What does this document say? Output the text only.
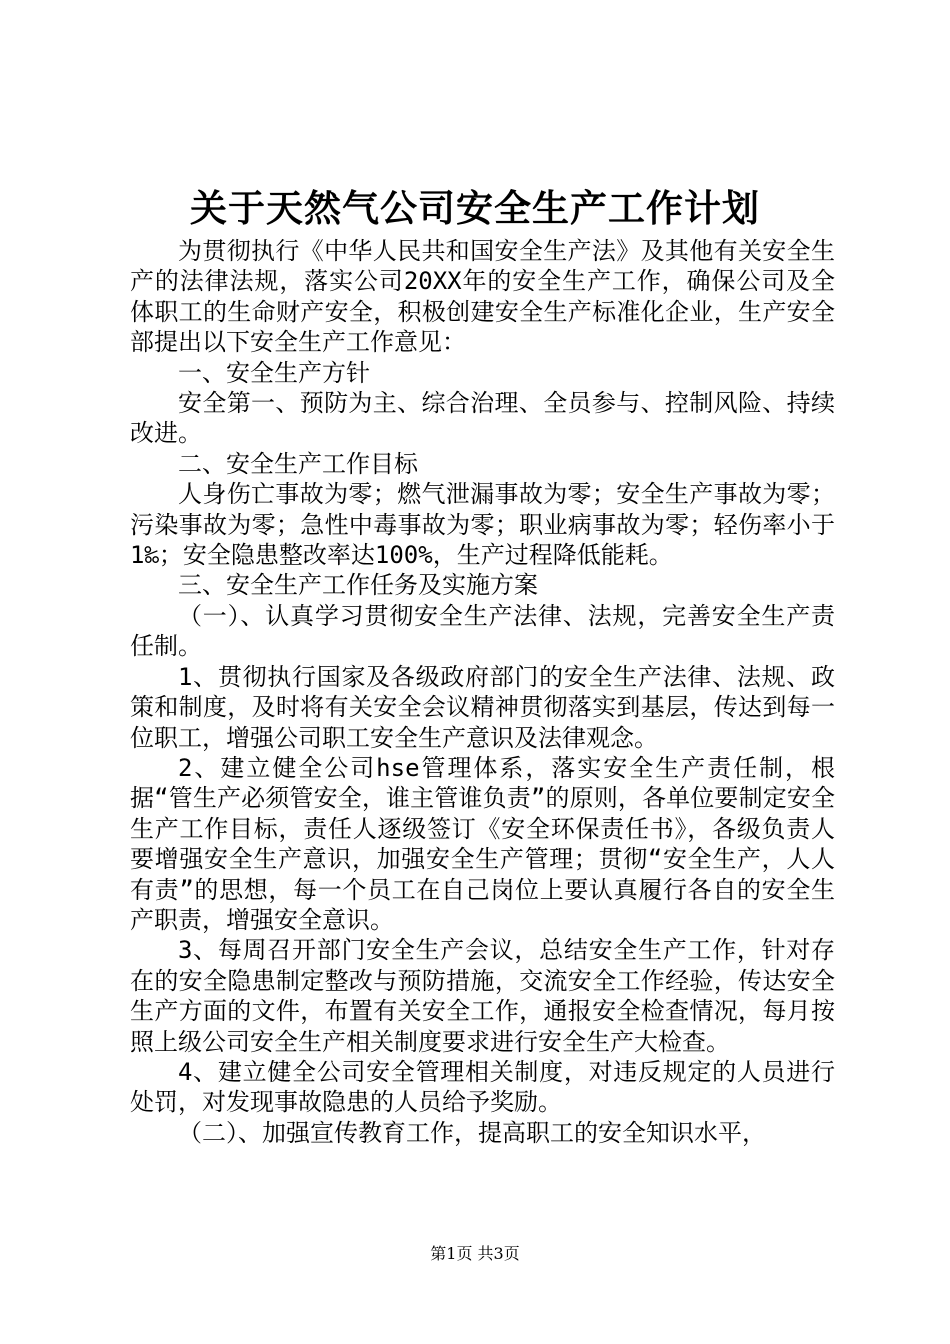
关于天然气公司安全生产工作计划

为贯彻执行《中华人民共和国安全生产法》及其他有关安全生产的法律法规，落实公司20XX年的安全生产工作，确保公司及全体职工的生命财产安全，积极创建安全生产标准化企业，生产安全部提出以下安全生产工作意见：

一、安全生产方针

安全第一、预防为主、综合治理、全员参与、控制风险、持续改进。

二、安全生产工作目标

人身伤亡事故为零；燃气泄漏事故为零；安全生产事故为零；污染事故为零；急性中毒事故为零；职业病事故为零；轻伤率小于1‰；安全隐患整改率达100%，生产过程降低能耗。

三、安全生产工作任务及实施方案

（一）、认真学习贯彻安全生产法律、法规，完善安全生产责任制。

1、贯彻执行国家及各级政府部门的安全生产法律、法规、政策和制度，及时将有关安全会议精神贯彻落实到基层，传达到每一位职工，增强公司职工安全生产意识及法律观念。

2、建立健全公司hse管理体系，落实安全生产责任制，根据“管生产必须管安全，谁主管谁负责”的原则，各单位要制定安全生产工作目标，责任人逐级签订《安全环保责任书》，各级负责人要增强安全生产意识，加强安全生产管理；贯彻“安全生产，人人有责”的思想，每一个员工在自己岗位上要认真履行各自的安全生产职责，增强安全意识。

3、每周召开部门安全生产会议，总结安全生产工作，针对存在的安全隐患制定整改与预防措施，交流安全工作经验，传达安全生产方面的文件，布置有关安全工作，通报安全检查情况，每月按照上级公司安全生产相关制度要求进行安全生产大检查。

4、建立健全公司安全管理相关制度，对违反规定的人员进行处罚，对发现事故隐患的人员给予奖励。

（二）、加强宣传教育工作，提高职工的安全知识水平，

第1页 共3页
